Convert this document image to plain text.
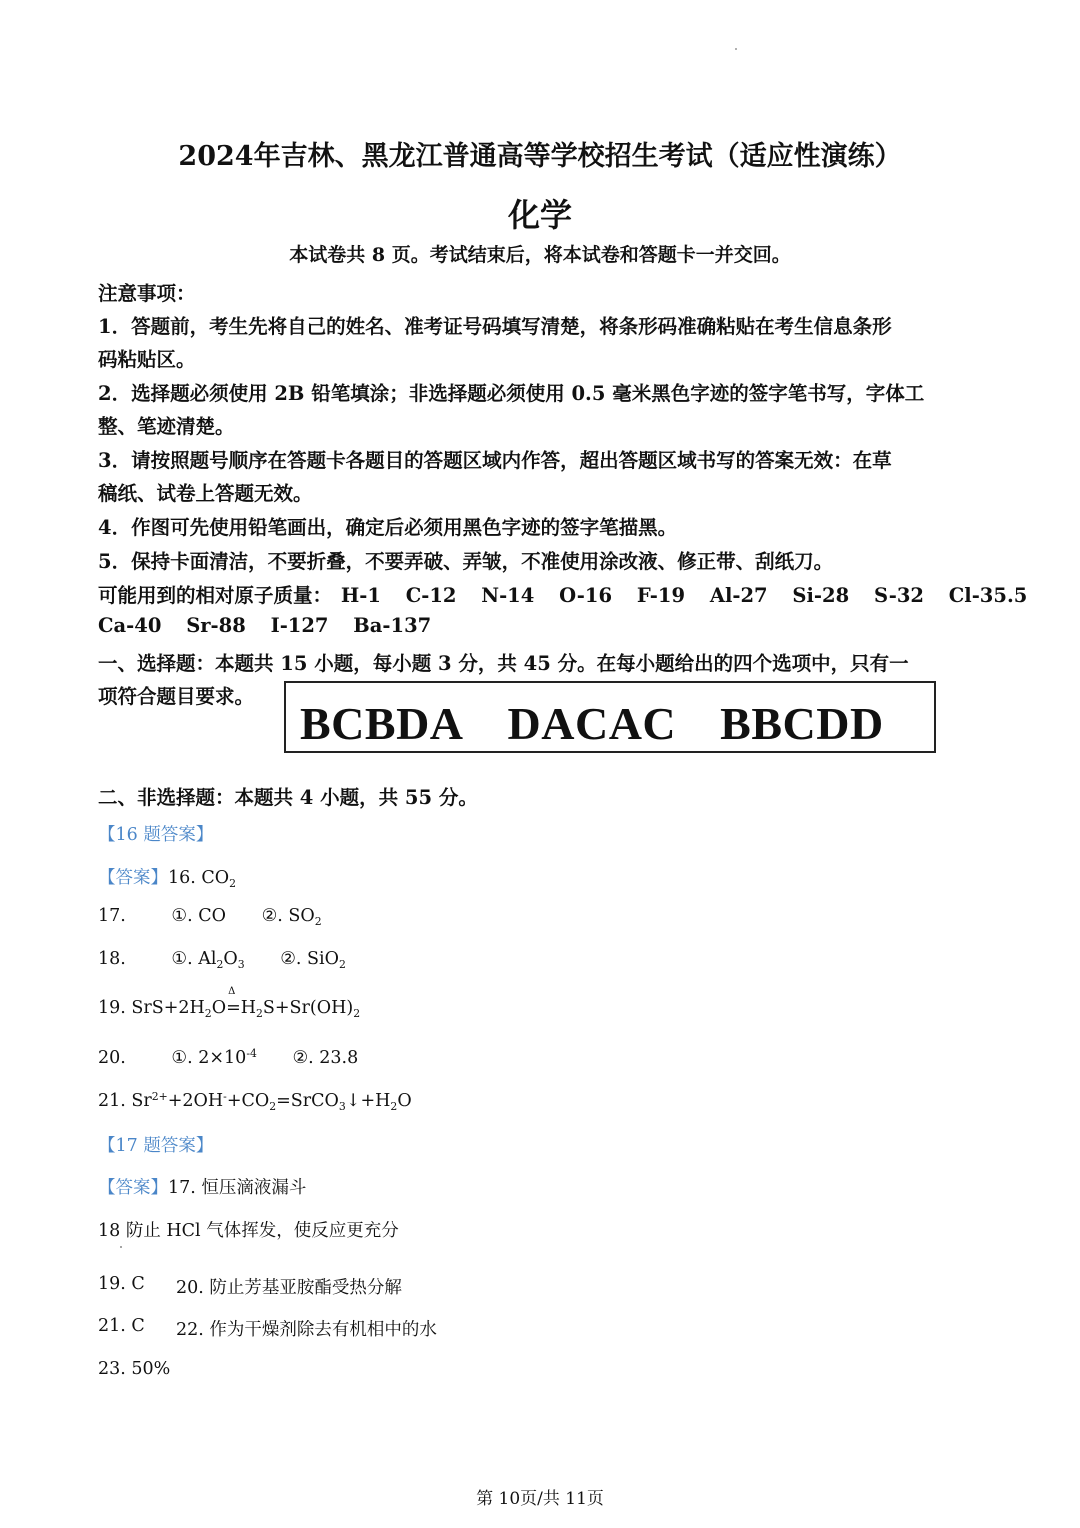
2024年吉林、黑龙江普通高等学校招生考试（适应性演练）
化学
本试卷共 8 页。考试结束后，将本试卷和答题卡一并交回。
注意事项：
1．答题前，考生先将自己的姓名、准考证号码填写清楚，将条形码准确粘贴在考生信息条形
码粘贴区。
2．选择题必须使用 2B 铅笔填涂；非选择题必须使用 0.5 毫米黑色字迹的签字笔书写，字体工
整、笔迹清楚。
3．请按照题号顺序在答题卡各题目的答题区域内作答，超出答题区域书写的答案无效：在草
稿纸、试卷上答题无效。
4．作图可先使用铅笔画出，确定后必须用黑色字迹的签字笔描黑。
5．保持卡面清洁，不要折叠，不要弄破、弄皱，不准使用涂改液、修正带、刮纸刀。
可能用到的相对原子质量： H-1 C-12 N-14 O-16 F-19 Al-27 Si-28 S-32 Cl-35.5
Ca-40 Sr-88 I-127 Ba-137
一、选择题：本题共 15 小题，每小题 3 分，共 45 分。在每小题给出的四个选项中，只有一
项符合题目要求。
BCBDA DACAC BBCDD
二、非选择题：本题共 4 小题，共 55 分。
【16 题答案】
【答案】16. $CO_2$
17.	①. CO ②. $SO_2$
18.	①. $Al_2O_3$ ②. SiO$_2$
19. $SrS+2H_2O$
Δ
$=H_2S+Sr(OH)_2$
20.	①. $2\times 10^{-4}$ ②. 23.8
21. $Sr^{2+}+2OH^-+CO_2=SrCO_3↓+H_2O$
【17 题答案】
【答案】17. 恒压滴液漏斗
18 防止 HCl 气体挥发，使反应更充分
19. C 20. 防止芳基亚胺酯受热分解
21. C 22. 作为干燥剂除去有机相中的水
23. 50%
第 10页/共 11页
